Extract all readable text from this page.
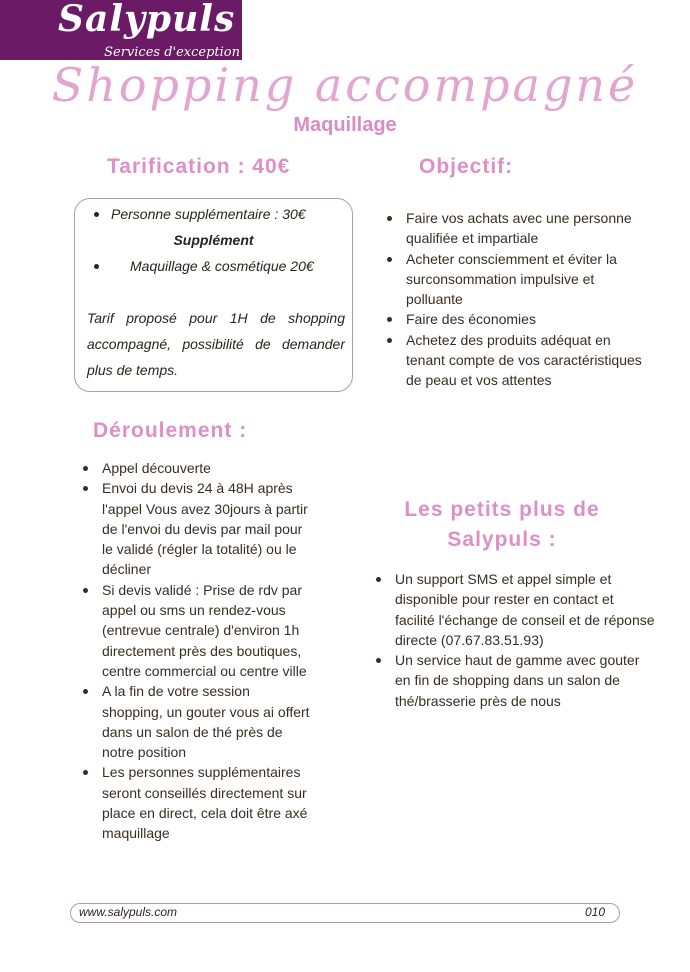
Salypuls
Services d'exception
Shopping accompagné
Maquillage
Tarification : 40€
Personne supplémentaire : 30€
Supplément
Maquillage & cosmétique 20€
Tarif proposé pour 1H de shopping accompagné, possibilité de demander plus de temps.
Objectif:
Faire vos achats avec une personne qualifiée et impartiale
Acheter consciemment et éviter la surconsommation impulsive et polluante
Faire des économies
Achetez des produits adéquat en tenant compte de vos caractéristiques de peau et vos attentes
Déroulement :
Appel découverte
Envoi du devis 24 à 48H après l'appel Vous avez 30jours à partir de l'envoi du devis par mail pour le validé (régler la totalité) ou le décliner
Si devis validé : Prise de rdv par appel ou sms un rendez-vous (entrevue centrale) d'environ 1h directement près des boutiques, centre commercial ou centre ville
A la fin de votre session shopping, un gouter vous ai offert dans un salon de thé près de notre position
Les personnes supplémentaires seront conseillés directement sur place en direct, cela doit être axé maquillage
Les petits plus de
Salypuls :
Un support SMS et appel simple et disponible pour rester en contact et facilité l'échange de conseil et de réponse directe (07.67.83.51.93)
Un service haut de gamme avec gouter en fin de shopping dans un salon de thé/brasserie près de nous
www.salypuls.com	010
